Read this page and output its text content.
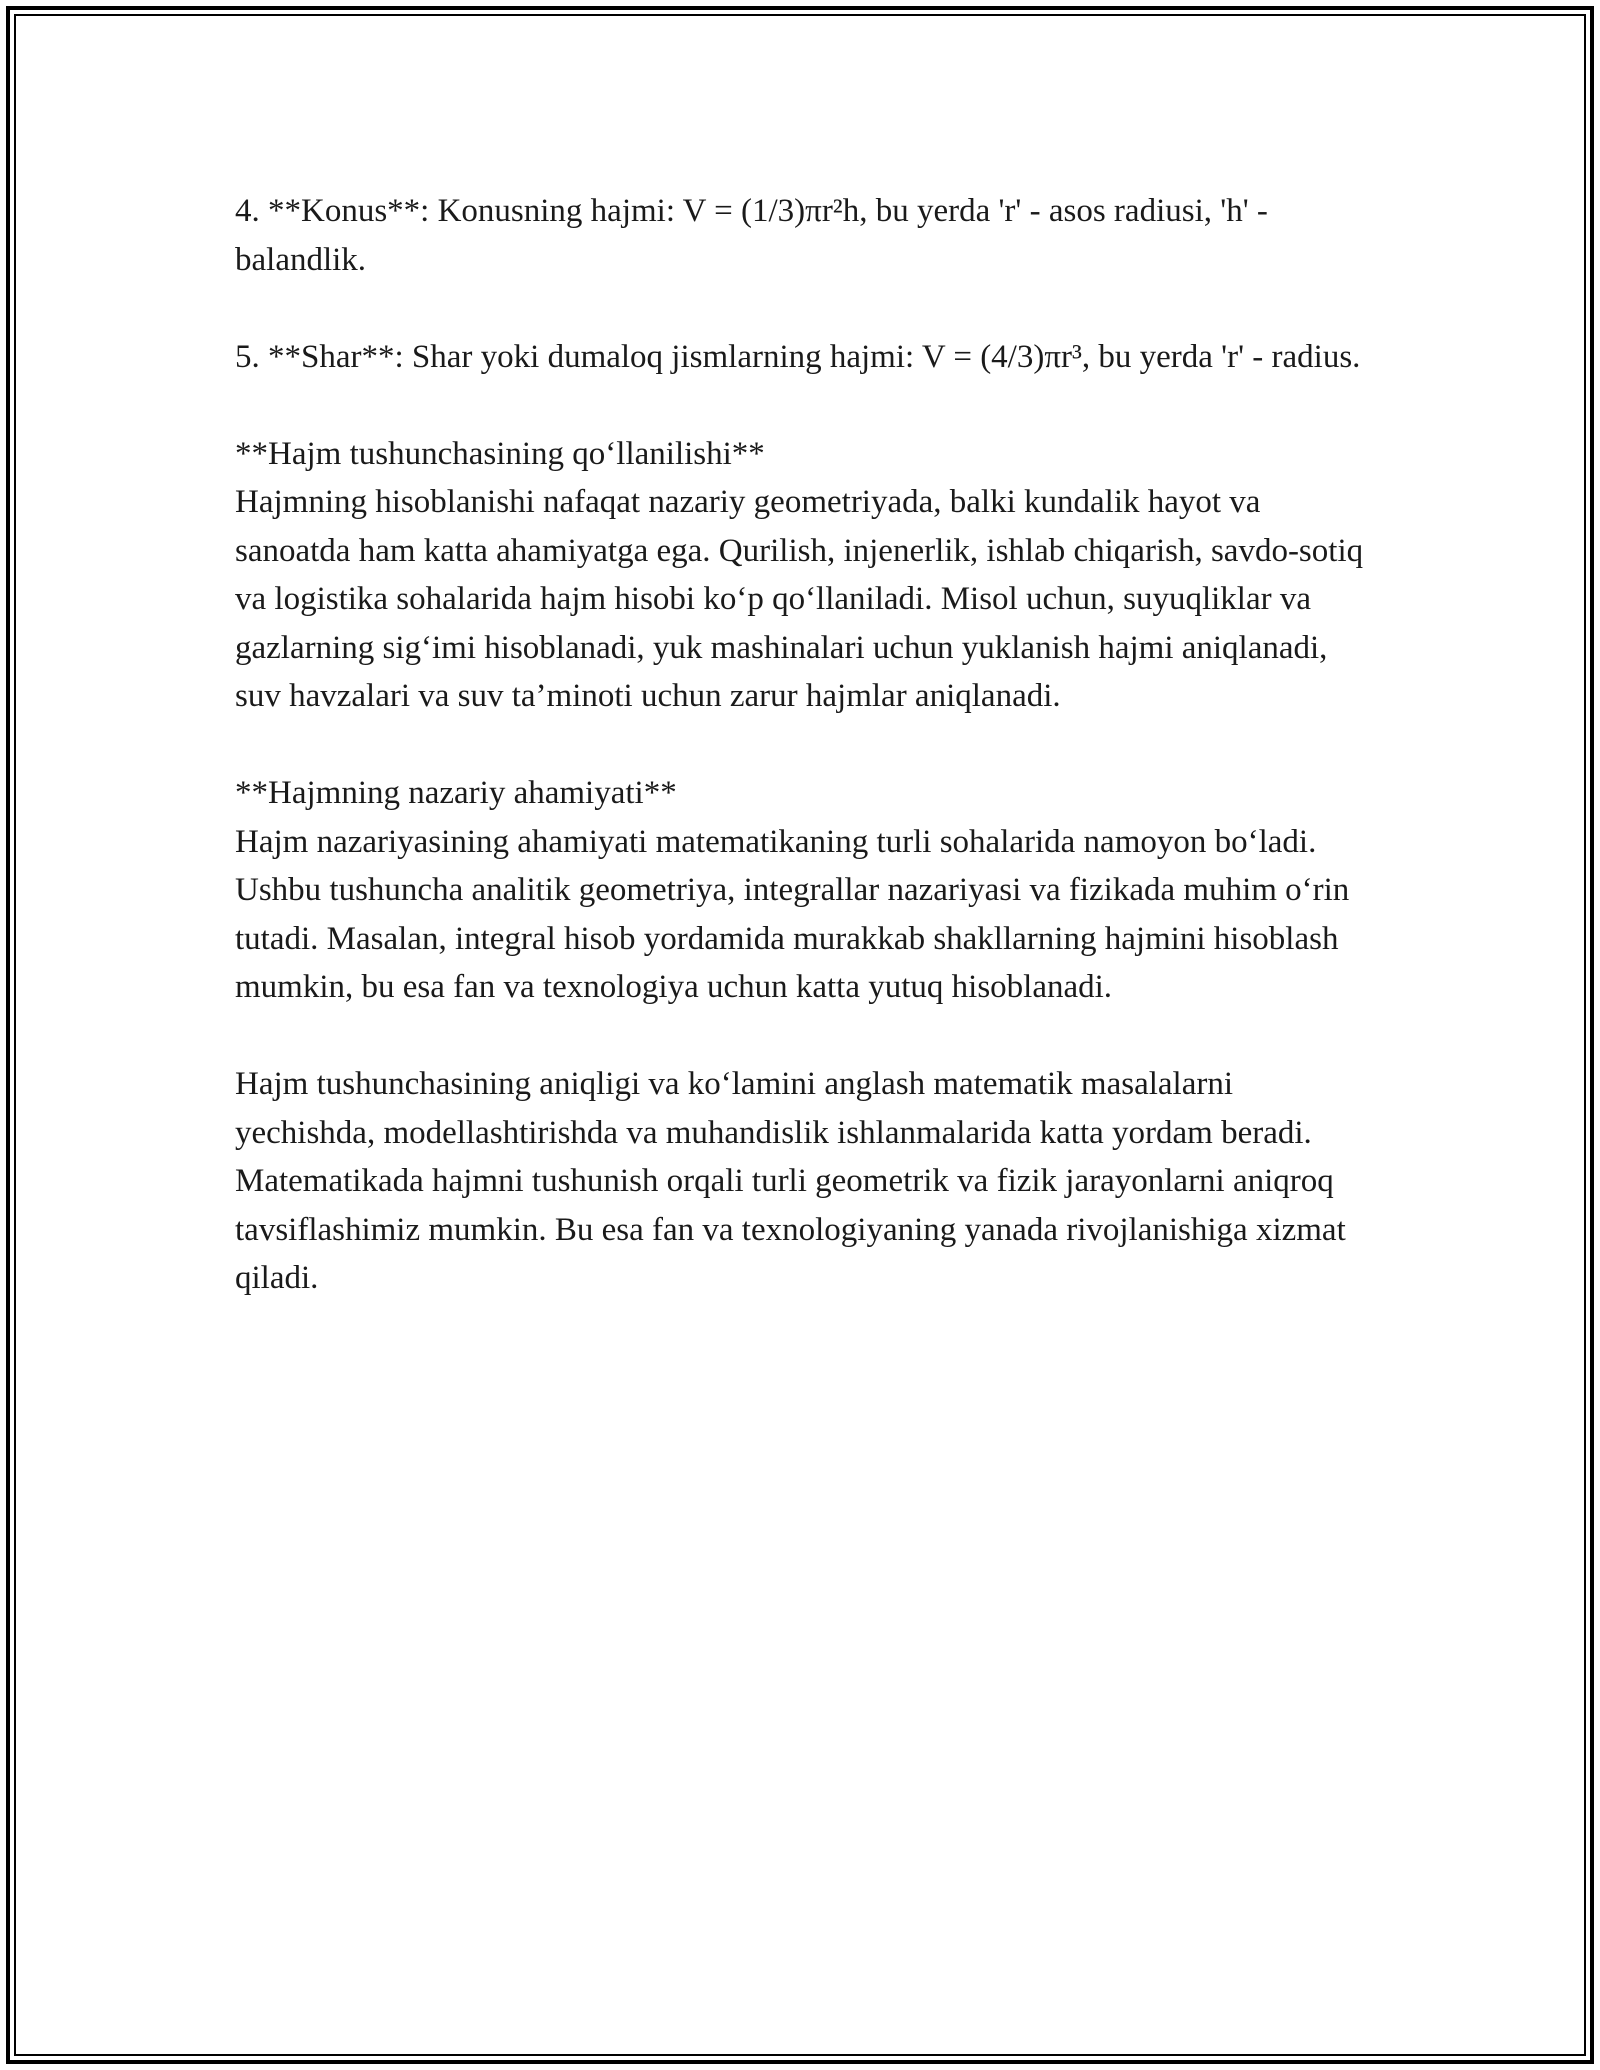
4. **Konus**: Konusning hajmi: V = (1/3)πr²h, bu yerda 'r' - asos radiusi, 'h' - balandlik.

5. **Shar**: Shar yoki dumaloq jismlarning hajmi: V = (4/3)πr³, bu yerda 'r' - radius.

**Hajm tushunchasining qo‘llanilishi**
Hajmning hisoblanishi nafaqat nazariy geometriyada, balki kundalik hayot va sanoatda ham katta ahamiyatga ega. Qurilish, injenerlik, ishlab chiqarish, savdo-sotiq va logistika sohalarida hajm hisobi ko‘p qo‘llaniladi. Misol uchun, suyuqliklar va gazlarning sig‘imi hisoblanadi, yuk mashinalari uchun yuklanish hajmi aniqlanadi, suv havzalari va suv ta’minoti uchun zarur hajmlar aniqlanadi.
**Hajmning nazariy ahamiyati**
Hajm nazariyasining ahamiyati matematikaning turli sohalarida namoyon bo‘ladi. Ushbu tushuncha analitik geometriya, integrallar nazariyasi va fizikada muhim o‘rin tutadi. Masalan, integral hisob yordamida murakkab shakllarning hajmini hisoblash mumkin, bu esa fan va texnologiya uchun katta yutuq hisoblanadi.

Hajm tushunchasining aniqligi va ko‘lamini anglash matematik masalalarni yechishda, modellashtirishda va muhandislik ishlanmalarida katta yordam beradi. Matematikada hajmni tushunish orqali turli geometrik va fizik jarayonlarni aniqroq tavsiflashimiz mumkin. Bu esa fan va texnologiyaning yanada rivojlanishiga xizmat qiladi.
